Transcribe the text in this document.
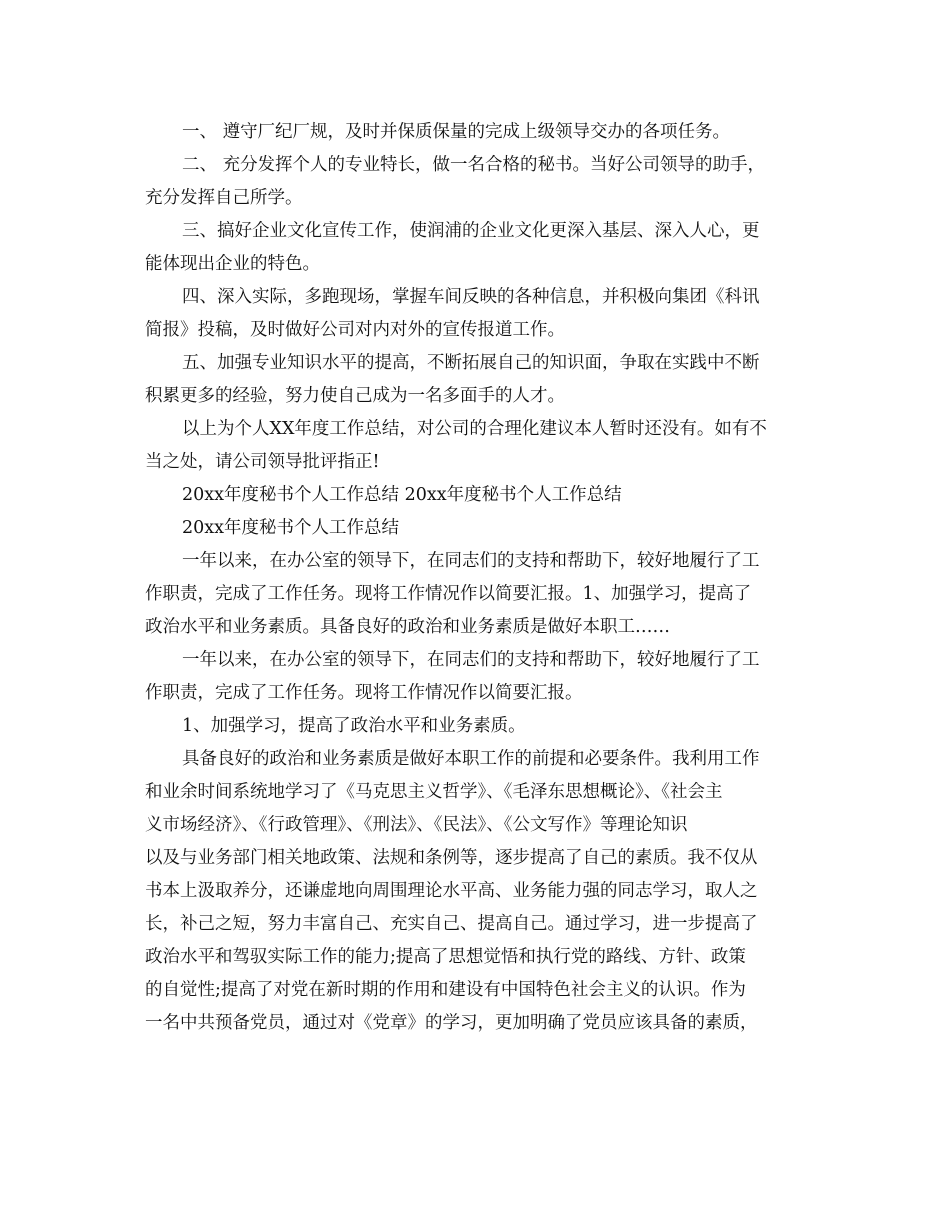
一、 遵守厂纪厂规，及时并保质保量的完成上级领导交办的各项任务。
二、 充分发挥个人的专业特长，做一名合格的秘书。当好公司领导的助手，
充分发挥自己所学。
三、搞好企业文化宣传工作，使润浦的企业文化更深入基层、深入人心，更
能体现出企业的特色。
四、深入实际，多跑现场，掌握车间反映的各种信息，并积极向集团《科讯
简报》投稿，及时做好公司对内对外的宣传报道工作。
五、加强专业知识水平的提高，不断拓展自己的知识面，争取在实践中不断
积累更多的经验，努力使自己成为一名多面手的人才。
以上为个人XX年度工作总结，对公司的合理化建议本人暂时还没有。如有不
当之处，请公司领导批评指正!
20xx年度秘书个人工作总结 20xx年度秘书个人工作总结
20xx年度秘书个人工作总结
一年以来，在办公室的领导下，在同志们的支持和帮助下，较好地履行了工
作职责，完成了工作任务。现将工作情况作以简要汇报。1、加强学习，提高了
政治水平和业务素质。具备良好的政治和业务素质是做好本职工……
一年以来，在办公室的领导下，在同志们的支持和帮助下，较好地履行了工
作职责，完成了工作任务。现将工作情况作以简要汇报。
1、加强学习，提高了政治水平和业务素质。
具备良好的政治和业务素质是做好本职工作的前提和必要条件。我利用工作
和业余时间系统地学习了《马克思主义哲学》、《毛泽东思想概论》、《社会主
义市场经济》、《行政管理》、《刑法》、《民法》、《公文写作》等理论知识
以及与业务部门相关地政策、法规和条例等，逐步提高了自己的素质。我不仅从
书本上汲取养分，还谦虚地向周围理论水平高、业务能力强的同志学习，取人之
长，补己之短，努力丰富自己、充实自己、提高自己。通过学习，进一步提高了
政治水平和驾驭实际工作的能力;提高了思想觉悟和执行党的路线、方针、政策
的自觉性;提高了对党在新时期的作用和建设有中国特色社会主义的认识。作为
一名中共预备党员，通过对《党章》的学习，更加明确了党员应该具备的素质，
